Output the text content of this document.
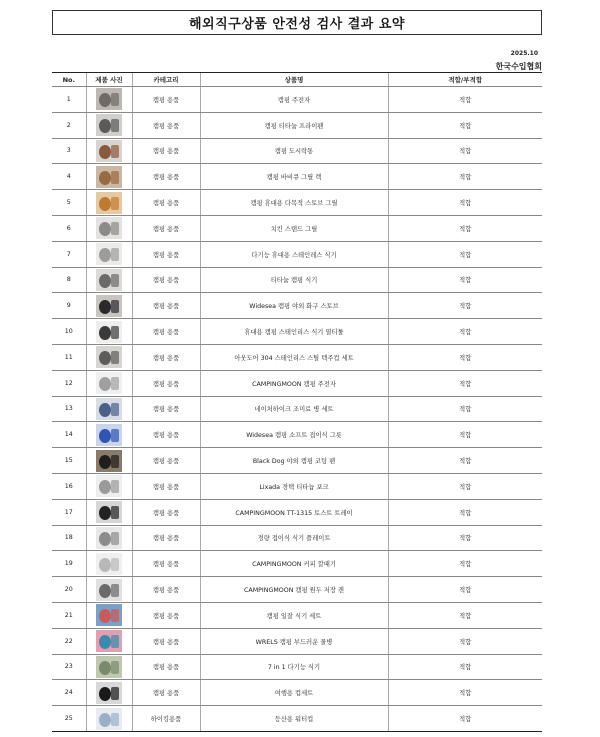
해외직구상품 안전성 검사 결과 요약
2025.10
한국수입협회
No.	제품 사진	카테고리	상품명	적합/부적합
1		캠핑 용품	캠핑 주전자	적합
2		캠핑 용품	캠핑 티타늄 프라이팬	적합
3		캠핑 용품	캠핑 도시락통	적합
4		캠핑 용품	캠핑 바비큐 그릴 렉	적합
5		캠핑 용품	캠핑 휴대용 다목적 스토브 그릴	적합
6		캠핑 용품	치킨 스탠드 그릴	적합
7		캠핑 용품	다기능 휴대용 스테인레스 식기	적합
8		캠핑 용품	티타늄 캠핑 식기	적합
9		캠핑 용품	Widesea 캠핑 야외 화구 스토브	적합
10		캠핑 용품	휴대용 캠핑 스테인리스 식기 열티툴	적합
11		캠핑 용품	아웃도어 304 스테인리스 스틸 텍주컵 세트	적합
12		캠핑 용품	CAMPINGMOON 캠핑 주전자	적합
13		캠핑 용품	네이처하이크 조미료 병 세트	적합
14		캠핑 용품	Widesea 캠핑 소프트 접이식 그릇	적합
15		캠핑 용품	Black Dog 야외 캠핑 코팅 팬	적합
16		캠핑 용품	Lixada 경택 티타늄 포크	적합
17		캠핑 용품	CAMPINGMOON TT-1315 토스트 트레이	적합
18		캠핑 용품	경량 접이식 식기 플레이트	적합
19		캠핑 용품	CAMPINGMOON 커피 깔때기	적합
20		캠핑 용품	CAMPINGMOON 캠핑 원두 저장 캔	적합
21		캠핑 용품	캠핑 일잘 식기 세트	적합
22		캠핑 용품	WRELS 캠핑 부드러운 물병	적합
23		캠핑 용품	7 in 1 다기능 식기	적합
24		캠핑 용품	여행용 컵세트	적합
25		하이킹용품	등산용 워터컵	적합
